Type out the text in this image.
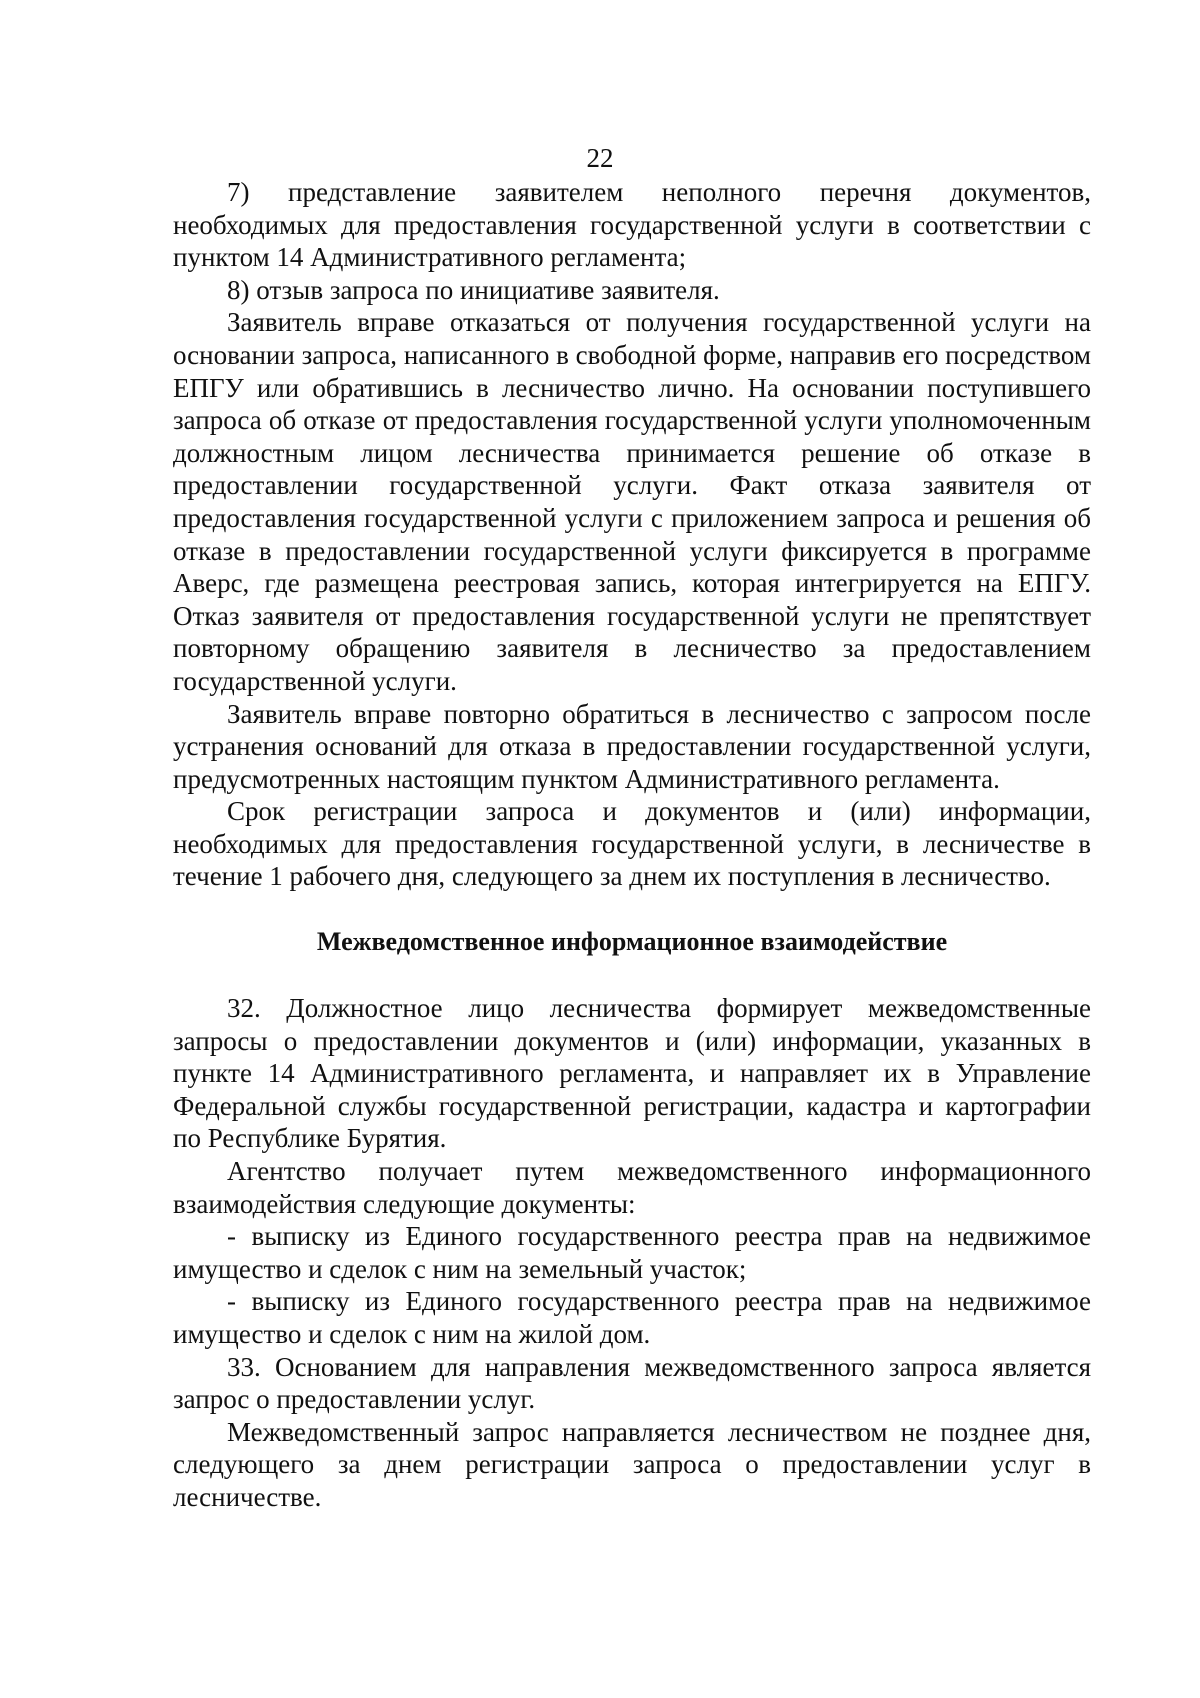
22

7) представление заявителем неполного перечня документов, необходимых для предоставления государственной услуги в соответствии с пунктом 14 Административного регламента;

8) отзыв запроса по инициативе заявителя.

Заявитель вправе отказаться от получения государственной услуги на основании запроса, написанного в свободной форме, направив его посредством ЕПГУ или обратившись в лесничество лично. На основании поступившего запроса об отказе от предоставления государственной услуги уполномоченным должностным лицом лесничества принимается решение об отказе в предоставлении государственной услуги. Факт отказа заявителя от предоставления государственной услуги с приложением запроса и решения об отказе в предоставлении государственной услуги фиксируется в программе Аверс, где размещена реестровая запись, которая интегрируется на ЕПГУ. Отказ заявителя от предоставления государственной услуги не препятствует повторному обращению заявителя в лесничество за предоставлением государственной услуги.

Заявитель вправе повторно обратиться в лесничество с запросом после устранения оснований для отказа в предоставлении государственной услуги, предусмотренных настоящим пунктом Административного регламента.

Срок регистрации запроса и документов и (или) информации, необходимых для предоставления государственной услуги, в лесничестве в течение 1 рабочего дня, следующего за днем их поступления в лесничество.

Межведомственное информационное взаимодействие

32. Должностное лицо лесничества формирует межведомственные запросы о предоставлении документов и (или) информации, указанных в пункте 14 Административного регламента, и направляет их в Управление Федеральной службы государственной регистрации, кадастра и картографии по Республике Бурятия.

Агентство получает путем межведомственного информационного взаимодействия следующие документы:

- выписку из Единого государственного реестра прав на недвижимое имущество и сделок с ним на земельный участок;

- выписку из Единого государственного реестра прав на недвижимое имущество и сделок с ним на жилой дом.

33. Основанием для направления межведомственного запроса является запрос о предоставлении услуг.

Межведомственный запрос направляется лесничеством не позднее дня, следующего за днем регистрации запроса о предоставлении услуг в лесничестве.
